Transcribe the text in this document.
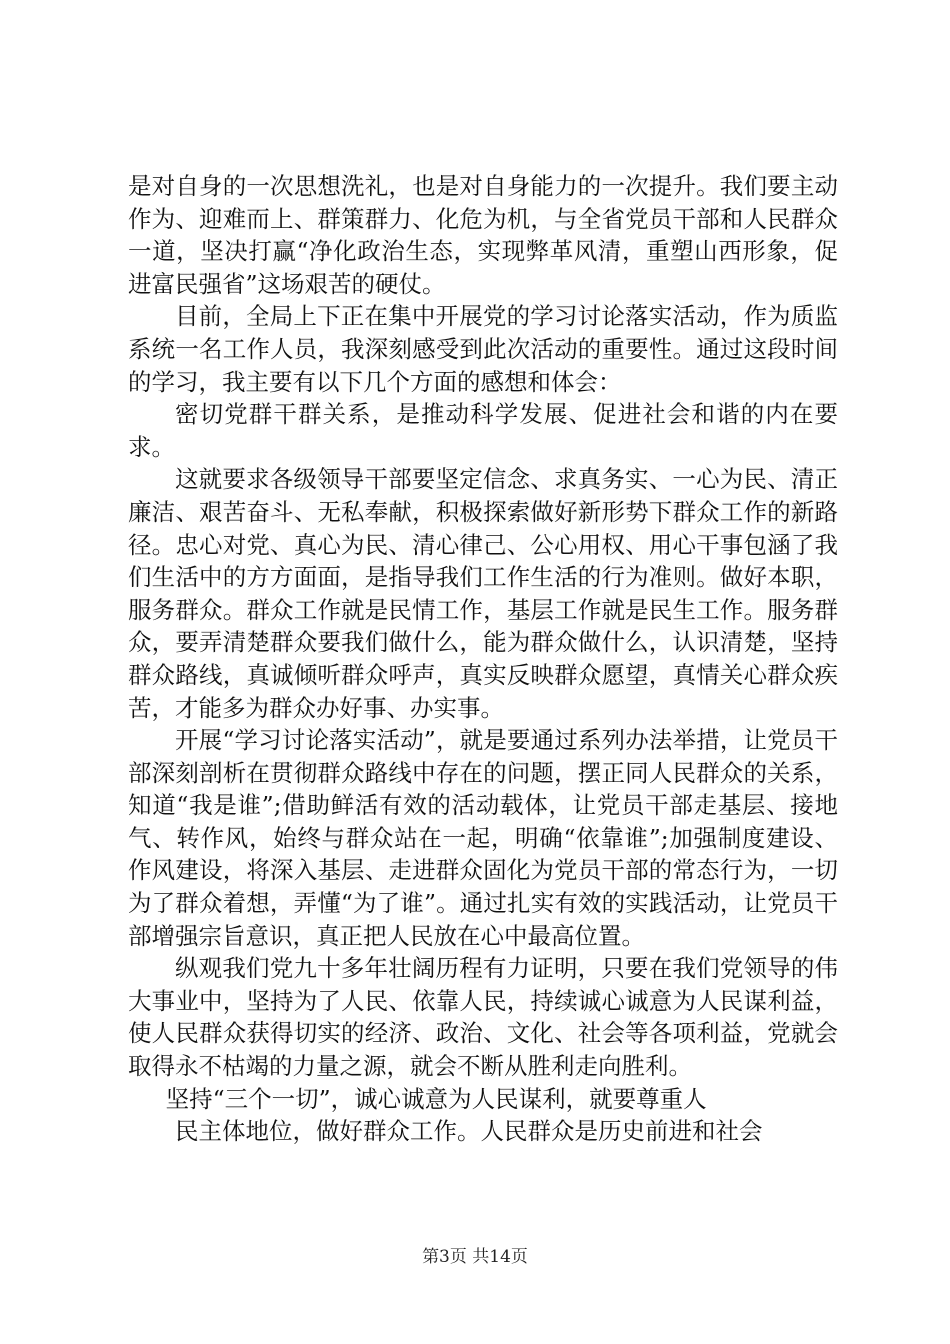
是对自身的一次思想洗礼，也是对自身能力的一次提升。我们要主动作为、迎难而上、群策群力、化危为机，与全省党员干部和人民群众一道，坚决打赢“净化政治生态，实现弊革风清，重塑山西形象，促进富民强省”这场艰苦的硬仗。

目前，全局上下正在集中开展党的学习讨论落实活动，作为质监系统一名工作人员，我深刻感受到此次活动的重要性。通过这段时间的学习，我主要有以下几个方面的感想和体会：

密切党群干群关系，是推动科学发展、促进社会和谐的内在要求。

这就要求各级领导干部要坚定信念、求真务实、一心为民、清正廉洁、艰苦奋斗、无私奉献，积极探索做好新形势下群众工作的新路径。忠心对党、真心为民、清心律己、公心用权、用心干事包涵了我们生活中的方方面面，是指导我们工作生活的行为准则。做好本职，服务群众。群众工作就是民情工作，基层工作就是民生工作。服务群众，要弄清楚群众要我们做什么，能为群众做什么，认识清楚，坚持群众路线，真诚倾听群众呼声，真实反映群众愿望，真情关心群众疾苦，才能多为群众办好事、办实事。

开展“学习讨论落实活动”，就是要通过系列办法举措，让党员干部深刻剖析在贯彻群众路线中存在的问题，摆正同人民群众的关系，知道“我是谁”;借助鲜活有效的活动载体，让党员干部走基层、接地气、转作风，始终与群众站在一起，明确“依靠谁”;加强制度建设、作风建设，将深入基层、走进群众固化为党员干部的常态行为，一切为了群众着想，弄懂“为了谁”。通过扎实有效的实践活动，让党员干部增强宗旨意识，真正把人民放在心中最高位置。

纵观我们党九十多年壮阔历程有力证明，只要在我们党领导的伟大事业中，坚持为了人民、依靠人民，持续诚心诚意为人民谋利益，使人民群众获得切实的经济、政治、文化、社会等各项利益，党就会取得永不枯竭的力量之源，就会不断从胜利走向胜利。

坚持“三个一切”，诚心诚意为人民谋利，就要尊重人

民主体地位，做好群众工作。人民群众是历史前进和社会

第3页 共14页
